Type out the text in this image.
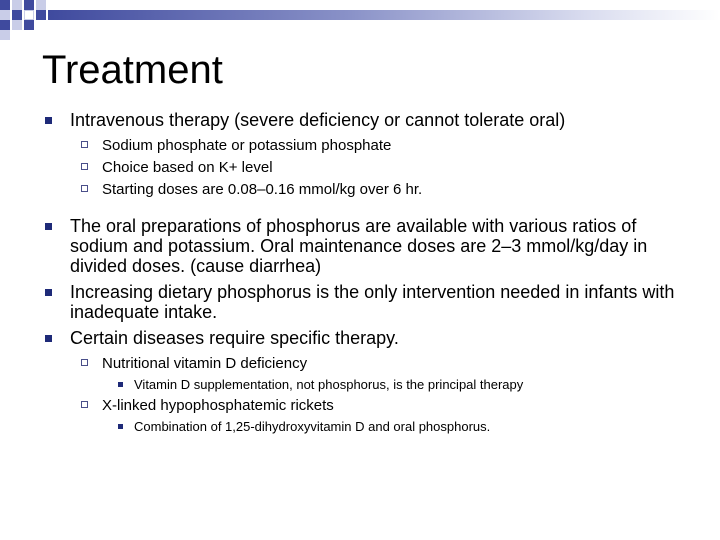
Treatment
Intravenous therapy (severe deficiency or cannot tolerate oral)
Sodium phosphate or potassium phosphate
Choice based on K+ level
Starting doses are 0.08–0.16 mmol/kg over 6 hr.
The oral preparations of phosphorus are available with various ratios of sodium and potassium. Oral maintenance doses are 2–3 mmol/kg/day in divided doses. (cause diarrhea)
Increasing dietary phosphorus is the only intervention needed in infants with inadequate intake.
Certain diseases require specific therapy.
Nutritional vitamin D deficiency
Vitamin D supplementation, not phosphorus, is the principal therapy
X-linked hypophosphatemic rickets
Combination of 1,25-dihydroxyvitamin D and oral phosphorus.
